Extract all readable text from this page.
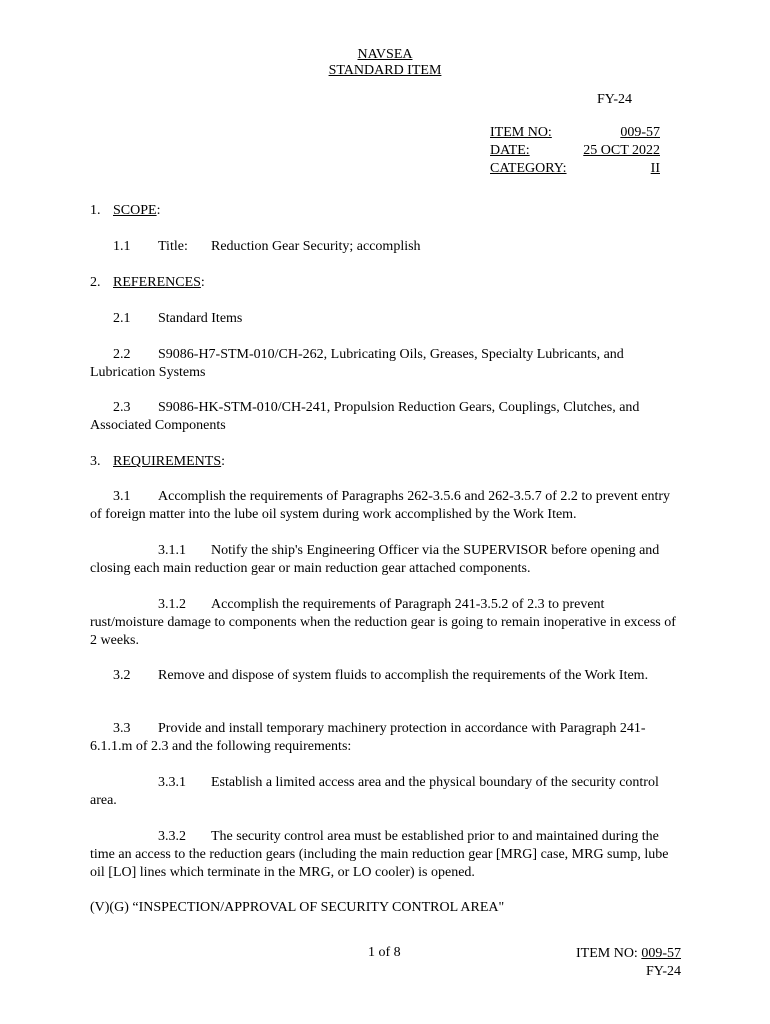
NAVSEA
STANDARD ITEM
FY-24
ITEM NO:	009-57
DATE:	25 OCT 2022
CATEGORY:	II
1. SCOPE:
1.1 Title: Reduction Gear Security; accomplish
2. REFERENCES:
2.1 Standard Items
2.2 S9086-H7-STM-010/CH-262, Lubricating Oils, Greases, Specialty Lubricants, and Lubrication Systems
2.3 S9086-HK-STM-010/CH-241, Propulsion Reduction Gears, Couplings, Clutches, and Associated Components
3. REQUIREMENTS:
3.1 Accomplish the requirements of Paragraphs 262-3.5.6 and 262-3.5.7 of 2.2 to prevent entry of foreign matter into the lube oil system during work accomplished by the Work Item.
3.1.1 Notify the ship's Engineering Officer via the SUPERVISOR before opening and closing each main reduction gear or main reduction gear attached components.
3.1.2 Accomplish the requirements of Paragraph 241-3.5.2 of 2.3 to prevent rust/moisture damage to components when the reduction gear is going to remain inoperative in excess of 2 weeks.
3.2 Remove and dispose of system fluids to accomplish the requirements of the Work Item.
3.3 Provide and install temporary machinery protection in accordance with Paragraph 241-6.1.1.m of 2.3 and the following requirements:
3.3.1 Establish a limited access area and the physical boundary of the security control area.
3.3.2 The security control area must be established prior to and maintained during the time an access to the reduction gears (including the main reduction gear [MRG] case, MRG sump, lube oil [LO] lines which terminate in the MRG, or LO cooler) is opened.
(V)(G) “INSPECTION/APPROVAL OF SECURITY CONTROL AREA"
1 of 8	ITEM NO: 009-57
FY-24
